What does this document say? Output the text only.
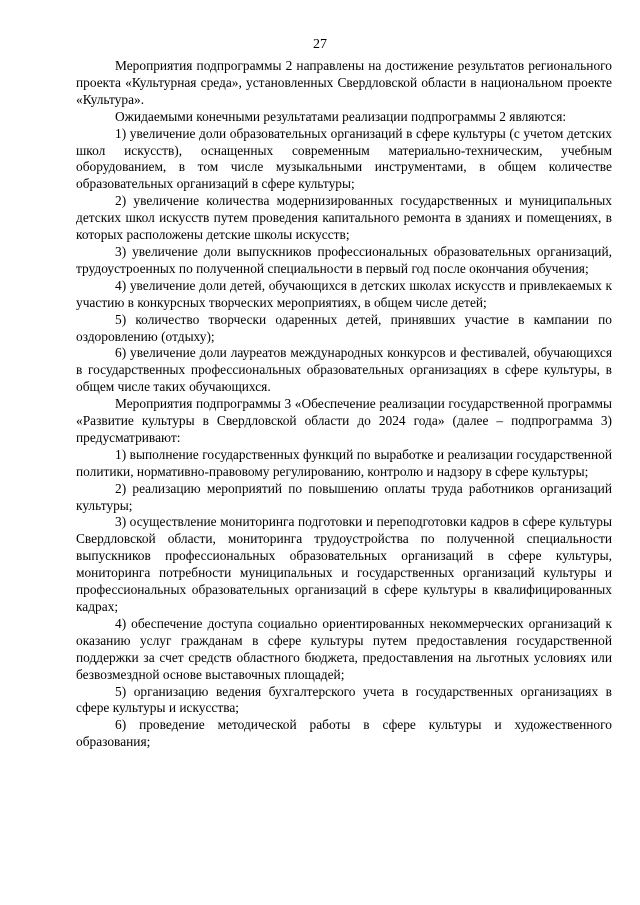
27

Мероприятия подпрограммы 2 направлены на достижение результатов регионального проекта «Культурная среда», установленных Свердловской области в национальном проекте «Культура».

Ожидаемыми конечными результатами реализации подпрограммы 2 являются:

1) увеличение доли образовательных организаций в сфере культуры (с учетом детских школ искусств), оснащенных современным материально-техническим, учебным оборудованием, в том числе музыкальными инструментами, в общем количестве образовательных организаций в сфере культуры;

2) увеличение количества модернизированных государственных и муниципальных детских школ искусств путем проведения капитального ремонта в зданиях и помещениях, в которых расположены детские школы искусств;

3) увеличение доли выпускников профессиональных образовательных организаций, трудоустроенных по полученной специальности в первый год после окончания обучения;

4) увеличение доли детей, обучающихся в детских школах искусств и привлекаемых к участию в конкурсных творческих мероприятиях, в общем числе детей;

5) количество творчески одаренных детей, принявших участие в кампании по оздоровлению (отдыху);

6) увеличение доли лауреатов международных конкурсов и фестивалей, обучающихся в государственных профессиональных образовательных организациях в сфере культуры, в общем числе таких обучающихся.

Мероприятия подпрограммы 3 «Обеспечение реализации государственной программы «Развитие культуры в Свердловской области до 2024 года» (далее – подпрограмма 3) предусматривают:

1) выполнение государственных функций по выработке и реализации государственной политики, нормативно-правовому регулированию, контролю и надзору в сфере культуры;

2) реализацию мероприятий по повышению оплаты труда работников организаций культуры;

3) осуществление мониторинга подготовки и переподготовки кадров в сфере культуры Свердловской области, мониторинга трудоустройства по полученной специальности выпускников профессиональных образовательных организаций в сфере культуры, мониторинга потребности муниципальных и государственных организаций культуры и профессиональных образовательных организаций в сфере культуры в квалифицированных кадрах;

4) обеспечение доступа социально ориентированных некоммерческих организаций к оказанию услуг гражданам в сфере культуры путем предоставления государственной поддержки за счет средств областного бюджета, предоставления на льготных условиях или безвозмездной основе выставочных площадей;

5) организацию ведения бухгалтерского учета в государственных организациях в сфере культуры и искусства;

6) проведение методической работы в сфере культуры и художественного образования;
